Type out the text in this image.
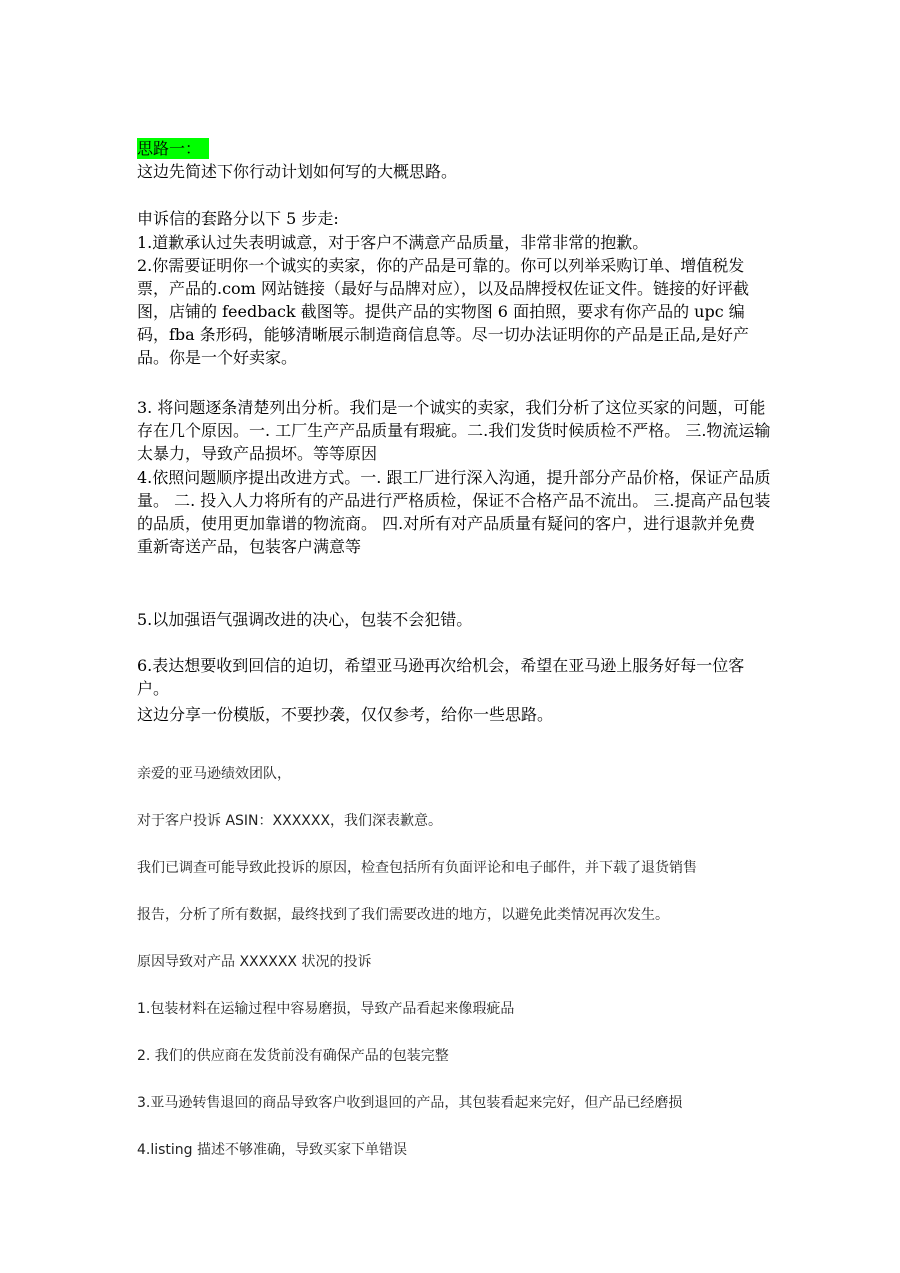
思路一：
这边先简述下你行动计划如何写的大概思路。
申诉信的套路分以下 5 步走:
1.道歉承认过失表明诚意，对于客户不满意产品质量，非常非常的抱歉。
2.你需要证明你一个诚实的卖家，你的产品是可靠的。你可以列举采购订单、增值税发票，产品的.com 网站链接（最好与品牌对应），以及品牌授权佐证文件。链接的好评截图，店铺的 feedback 截图等。提供产品的实物图 6 面拍照，要求有你产品的 upc 编码，fba 条形码，能够清晰展示制造商信息等。尽一切办法证明你的产品是正品,是好产品。你是一个好卖家。
3. 将问题逐条清楚列出分析。我们是一个诚实的卖家，我们分析了这位买家的问题，可能存在几个原因。一. 工厂生产产品质量有瑕疵。二.我们发货时候质检不严格。 三.物流运输太暴力，导致产品损坏。等等原因
4.依照问题顺序提出改进方式。一. 跟工厂进行深入沟通，提升部分产品价格，保证产品质量。 二. 投入人力将所有的产品进行严格质检，保证不合格产品不流出。 三.提高产品包装的品质，使用更加靠谱的物流商。 四.对所有对产品质量有疑问的客户，进行退款并免费重新寄送产品，包装客户满意等
5.以加强语气强调改进的决心，包装不会犯错。
6.表达想要收到回信的迫切，希望亚马逊再次给机会，希望在亚马逊上服务好每一位客户。
这边分享一份模版，不要抄袭，仅仅参考，给你一些思路。
亲爱的亚马逊绩效团队，
对于客户投诉 ASIN：XXXXXX，我们深表歉意。
我们已调查可能导致此投诉的原因，检查包括所有负面评论和电子邮件，并下载了退货销售
报告，分析了所有数据，最终找到了我们需要改进的地方，以避免此类情况再次发生。
原因导致对产品 XXXXXX 状况的投诉
1.包装材料在运输过程中容易磨损，导致产品看起来像瑕疵品
2. 我们的供应商在发货前没有确保产品的包装完整
3.亚马逊转售退回的商品导致客户收到退回的产品，其包装看起来完好，但产品已经磨损
4.listing 描述不够准确，导致买家下单错误
